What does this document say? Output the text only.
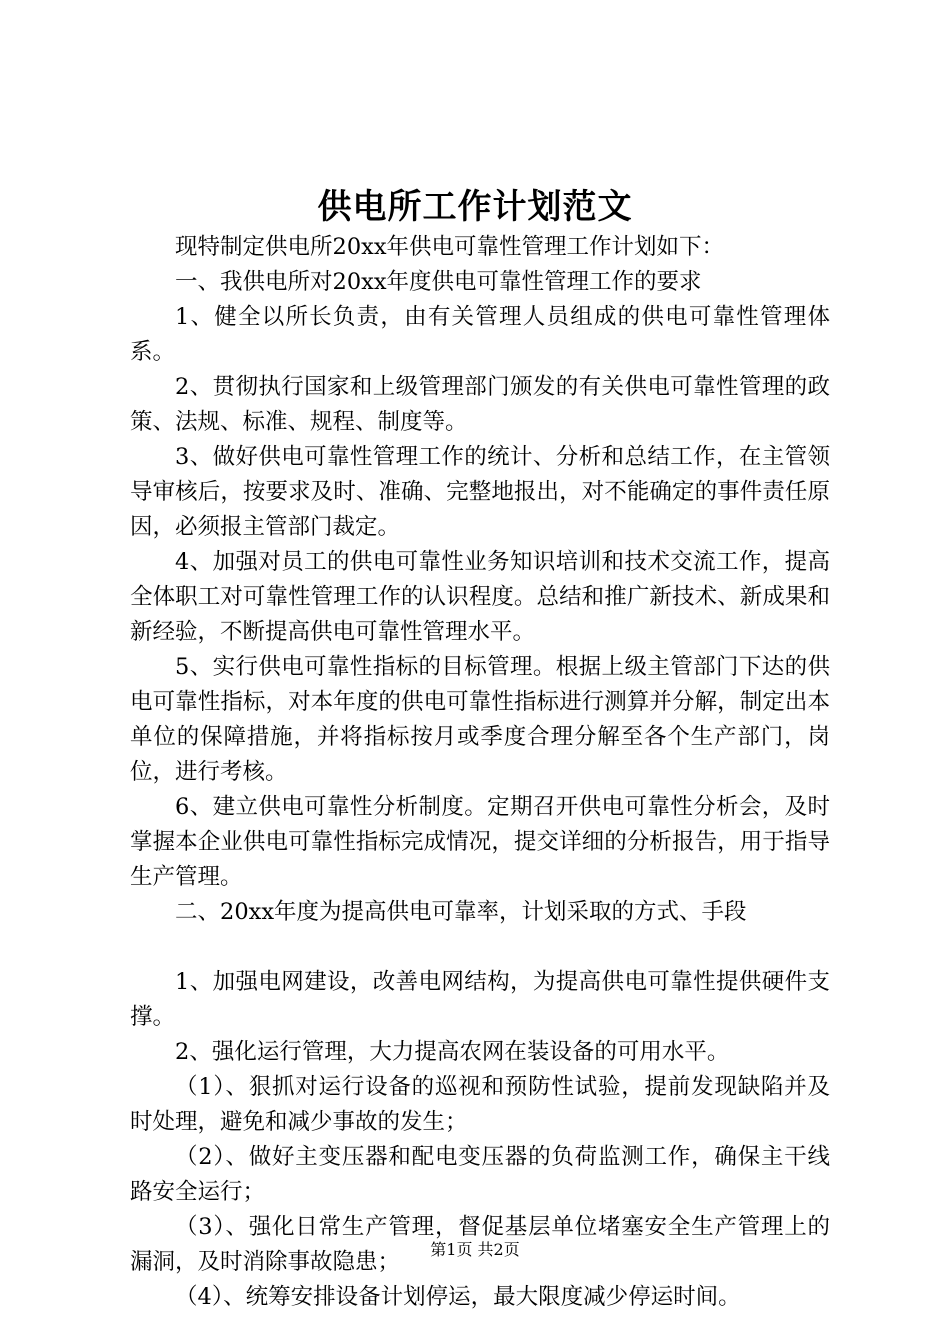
供电所工作计划范文

现特制定供电所20xx年供电可靠性管理工作计划如下：

一、我供电所对20xx年度供电可靠性管理工作的要求

1、健全以所长负责，由有关管理人员组成的供电可靠性管理体系。

2、贯彻执行国家和上级管理部门颁发的有关供电可靠性管理的政策、法规、标准、规程、制度等。

3、做好供电可靠性管理工作的统计、分析和总结工作，在主管领导审核后，按要求及时、准确、完整地报出，对不能确定的事件责任原因，必须报主管部门裁定。

4、加强对员工的供电可靠性业务知识培训和技术交流工作，提高全体职工对可靠性管理工作的认识程度。总结和推广新技术、新成果和新经验，不断提高供电可靠性管理水平。

5、实行供电可靠性指标的目标管理。根据上级主管部门下达的供电可靠性指标，对本年度的供电可靠性指标进行测算并分解，制定出本单位的保障措施，并将指标按月或季度合理分解至各个生产部门，岗位，进行考核。

6、建立供电可靠性分析制度。定期召开供电可靠性分析会，及时掌握本企业供电可靠性指标完成情况，提交详细的分析报告，用于指导生产管理。

二、20xx年度为提高供电可靠率，计划采取的方式、手段

1、加强电网建设，改善电网结构，为提高供电可靠性提供硬件支撑。

2、强化运行管理，大力提高农网在装设备的可用水平。

（1）、狠抓对运行设备的巡视和预防性试验，提前发现缺陷并及时处理，避免和减少事故的发生；

（2）、做好主变压器和配电变压器的负荷监测工作，确保主干线路安全运行；

（3）、强化日常生产管理，督促基层单位堵塞安全生产管理上的漏洞，及时消除事故隐患；

（4）、统筹安排设备计划停运，最大限度减少停运时间。

第1页 共2页
